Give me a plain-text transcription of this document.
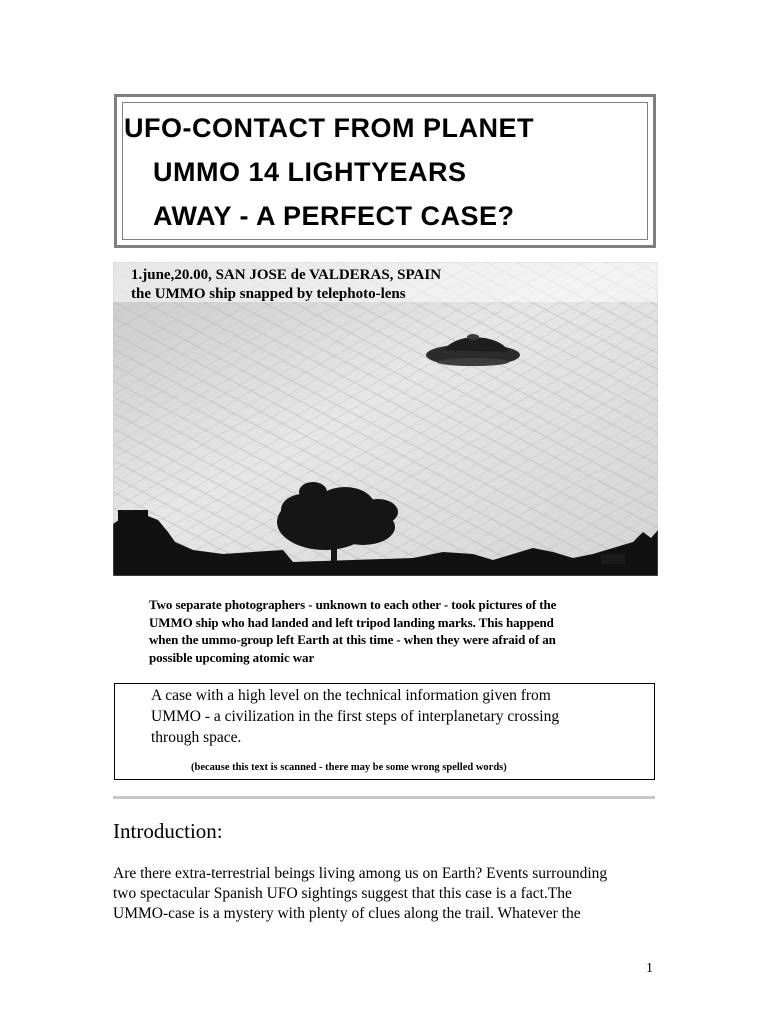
UFO-CONTACT FROM PLANET
UMMO 14 LIGHTYEARS
AWAY - A PERFECT CASE?
1.june,20.00, SAN JOSE de VALDERAS, SPAIN
the UMMO ship snapped by telephoto-lens
Two separate photographers - unknown to each other - took pictures of the
UMMO ship who had landed and left tripod landing marks. This happend
when the ummo-group left Earth at this time - when they were afraid of an
possible upcoming atomic war
A case with a high level on the technical information given from
UMMO - a civilization in the first steps of interplanetary crossing
through space.
(because this text is scanned - there may be some wrong spelled words)
Introduction:
Are there extra-terrestrial beings living among us on Earth? Events surrounding
two spectacular Spanish UFO sightings suggest that this case is a fact.The
UMMO-case is a mystery with plenty of clues along the trail. Whatever the
1
